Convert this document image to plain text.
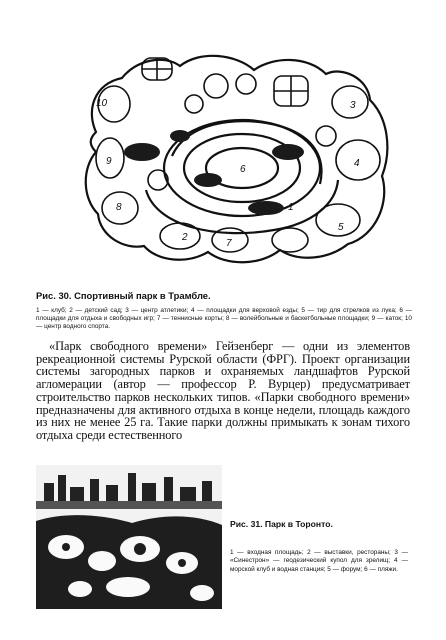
10	3
4
5
9
8
7
6
1
2
Рис. 30. Спортивный парк в Трамбле.
1 — клуб; 2 — детский сад; 3 — центр атлетики; 4 — площадки для верховой езды; 5 — тир для стрелков из лука; 6 — площадки для отдыха и свободных игр; 7 — теннисные корты; 8 — волейбольные и баскетбольные площадки; 9 — каток; 10 — центр водного спорта.
«Парк свободного времени» Гейзенберг — одни из элементов рекреационной системы Рурской области (ФРГ). Проект организации системы загородных парков и охраняемых ландшафтов Рурской агломерации (автор — профессор Р. Вурцер) предусматривает строительство парков нескольких типов. «Парки свободного времени» предназначены для активного отдыха в конце недели, площадь каждого из них не менее 25 га. Такие парки должны примыкать к зонам тихого отдыха среди естественного
Рис. 31. Парк в Торонто.
1 — входная площадь; 2 — выставки, рестораны; 3 — «Синестрон» — геодезический купол для зрелищ; 4 — морской клуб и водная станция; 5 — форум; 6 — пляжи.
